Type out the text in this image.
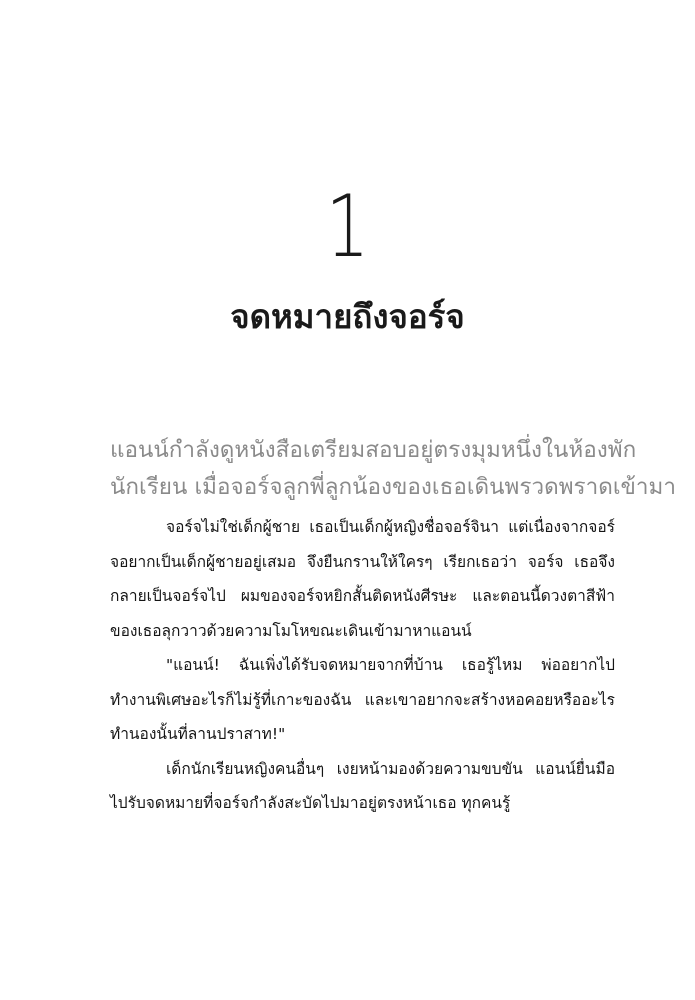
1
จดหมายถึงจอร์จ
แอนน์กำลังดูหนังสือเตรียมสอบอยู่ตรงมุมหนึ่งในห้องพัก
นักเรียน เมื่อจอร์จลูกพี่ลูกน้องของเธอเดินพรวดพราดเข้ามา

จอร์จไม่ใช่เด็กผู้ชาย เธอเป็นเด็กผู้หญิงชื่อจอร์จินา แต่เนื่องจากจอร์จอยากเป็นเด็กผู้ชายอยู่เสมอ จึงยืนกรานให้ใครๆ เรียกเธอว่า จอร์จ เธอจึงกลายเป็นจอร์จไป ผมของจอร์จหยิกสั้นติดหนังศีรษะ และตอนนี้ดวงตาสีฟ้าของเธอลุกวาวด้วยความโมโหขณะเดินเข้ามาหาแอนน์

"แอนน์! ฉันเพิ่งได้รับจดหมายจากที่บ้าน เธอรู้ไหม พ่ออยากไปทำงานพิเศษอะไรก็ไม่รู้ที่เกาะของฉัน และเขาอยากจะสร้างหอคอยหรืออะไรทำนองนั้นที่ลานปราสาท!"

เด็กนักเรียนหญิงคนอื่นๆ เงยหน้ามองด้วยความขบขัน แอนน์ยื่นมือไปรับจดหมายที่จอร์จกำลังสะบัดไปมาอยู่ตรงหน้าเธอ ทุกคนรู้
